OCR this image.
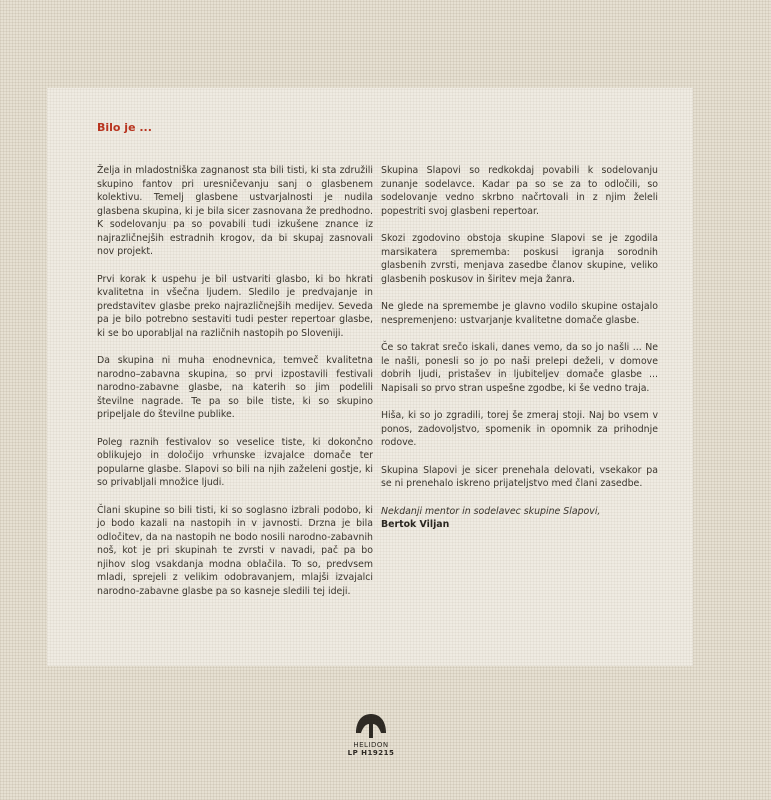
Bilo je ...

Želja in mladostniška zagnanost sta bili tisti, ki sta združili skupino fantov pri uresničevanju sanj o glasbenem kolektivu. Temelj glasbene ustvarjalnosti je nudila glasbena skupina, ki je bila sicer zasnovana že predhodno. K sodelovanju pa so povabili tudi izkušene znance iz najrazličnejših estradnih krogov, da bi skupaj zasnovali nov projekt.

Prvi korak k uspehu je bil ustvariti glasbo, ki bo hkrati kvalitetna in všečna ljudem. Sledilo je predvajanje in predstavitev glasbe preko najrazličnejših medijev. Seveda pa je bilo potrebno sestaviti tudi pester repertoar glasbe, ki se bo uporabljal na različnih nastopih po Sloveniji.

Da skupina ni muha enodnevnica, temveč kvalitetna narodno–zabavna skupina, so prvi izpostavili festivali narodno-zabavne glasbe, na katerih so jim podelili številne nagrade. Te pa so bile tiste, ki so skupino pripeljale do številne publike.

Poleg raznih festivalov so veselice tiste, ki dokončno oblikujejo in določijo vrhunske izvajalce domače ter popularne glasbe. Slapovi so bili na njih zaželeni gostje, ki so privabljali množice ljudi.

Člani skupine so bili tisti, ki so soglasno izbrali podobo, ki jo bodo kazali na nastopih in v javnosti. Drzna je bila odločitev, da na nastopih ne bodo nosili narodno-zabavnih noš, kot je pri skupinah te zvrsti v navadi, pač pa bo njihov slog vsakdanja modna oblačila. To so, predvsem mladi, sprejeli z velikim odobravanjem, mlajši izvajalci narodno-zabavne glasbe pa so kasneje sledili tej ideji.

Skupina Slapovi so redkokdaj povabili k sodelovanju zunanje sodelavce. Kadar pa so se za to odločili, so sodelovanje vedno skrbno načrtovali in z njim želeli popestriti svoj glasbeni repertoar.

Skozi zgodovino obstoja skupine Slapovi se je zgodila marsikatera sprememba: poskusi igranja sorodnih glasbenih zvrsti, menjava zasedbe članov skupine, veliko glasbenih poskusov in širitev meja žanra.

Ne glede na spremembe je glavno vodilo skupine ostajalo nespremenjeno: ustvarjanje kvalitetne domače glasbe.

Če so takrat srečo iskali, danes vemo, da so jo našli ... Ne le našli, ponesli so jo po naši prelepi deželi, v domove dobrih ljudi, pristašev in ljubiteljev domače glasbe ... Napisali so prvo stran uspešne zgodbe, ki še vedno traja.

Hiša, ki so jo zgradili, torej še zmeraj stoji. Naj bo vsem v ponos, zadovoljstvo, spomenik in opomnik za prihodnje rodove.

Skupina Slapovi je sicer prenehala delovati, vsekakor pa se ni prenehalo iskreno prijateljstvo med člani zasedbe.

Nekdanji mentor in sodelavec skupine Slapovi,
Bertok Viljan
HELIDON
LP H19215
